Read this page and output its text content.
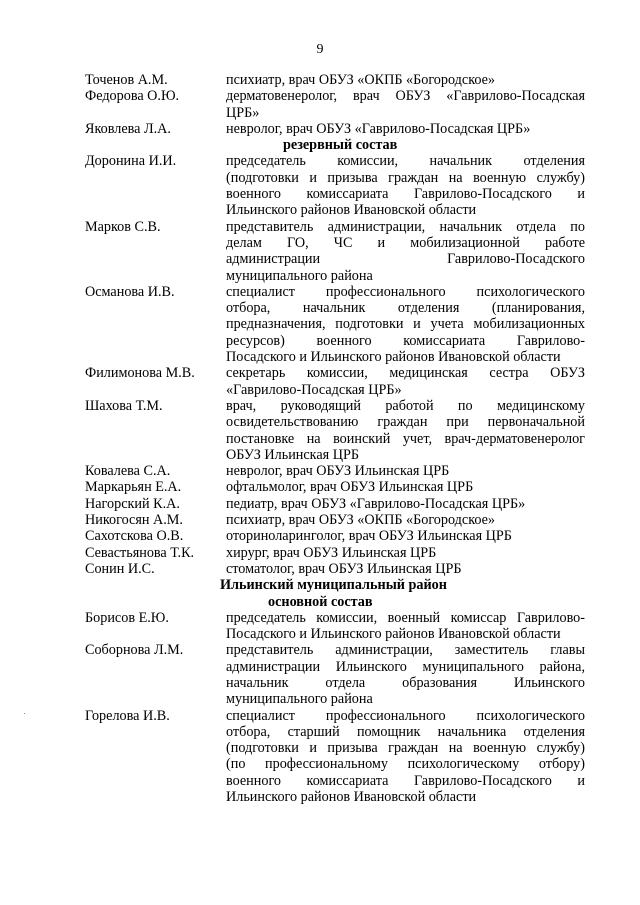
9
Точенов А.М.	психиатр, врач ОБУЗ «ОКПБ «Богородское»
Федорова О.Ю.	дерматовенеролог, врач ОБУЗ «Гаврилово-Посадская
ЦРБ»
Яковлева Л.А.	невролог, врач ОБУЗ «Гаврилово-Посадская ЦРБ»
резервный состав
Доронина И.И.	председатель комиссии, начальник отделения
(подготовки и призыва граждан на военную службу)
военного комиссариата Гаврилово-Посадского и
Ильинского районов Ивановской области
Марков С.В.	представитель администрации, начальник отдела по
делам ГО, ЧС и мобилизационной работе
администрации Гаврилово-Посадского
муниципального района
Османова И.В.	специалист профессионального психологического
отбора, начальник отделения (планирования,
предназначения, подготовки и учета мобилизационных
ресурсов) военного комиссариата Гаврилово-
Посадского и Ильинского районов Ивановской области
Филимонова М.В.	секретарь комиссии, медицинская сестра ОБУЗ
«Гаврилово-Посадская ЦРБ»
Шахова Т.М.	врач, руководящий работой по медицинскому
освидетельствованию граждан при первоначальной
постановке на воинский учет, врач-дерматовенеролог
ОБУЗ Ильинская ЦРБ
Ковалева С.А.	невролог, врач ОБУЗ Ильинская ЦРБ
Маркарьян Е.А.	офтальмолог, врач ОБУЗ Ильинская ЦРБ
Нагорский К.А.	педиатр, врач ОБУЗ «Гаврилово-Посадская ЦРБ»
Никогосян А.М.	психиатр, врач ОБУЗ «ОКПБ «Богородское»
Сахотскова О.В.	оториноларинголог, врач ОБУЗ Ильинская ЦРБ
Севастьянова Т.К.	хирург, врач ОБУЗ Ильинская ЦРБ
Сонин И.С.	стоматолог, врач ОБУЗ Ильинская ЦРБ
Ильинский муниципальный район
основной состав
Борисов Е.Ю.	председатель комиссии, военный комиссар Гаврилово-
Посадского и Ильинского районов Ивановской области
Соборнова Л.М.	представитель администрации, заместитель главы
администрации Ильинского муниципального района,
начальник отдела образования Ильинского
муниципального района
Горелова И.В.	специалист профессионального психологического
отбора, старший помощник начальника отделения
(подготовки и призыва граждан на военную службу)
(по профессиональному психологическому отбору)
военного комиссариата Гаврилово-Посадского и
Ильинского районов Ивановской области
